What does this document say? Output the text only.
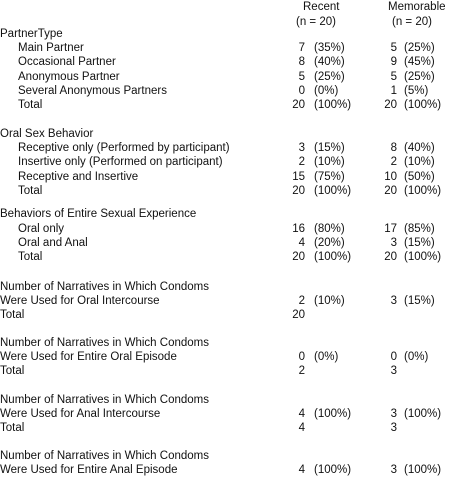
Recent	Memorable
(n = 20)	(n = 20)
PartnerType
Main Partner	7 (35%)	5 (25%)
Occasional Partner	8 (40%)	9 (45%)
Anonymous Partner	5 (25%)	5 (25%)
Several Anonymous Partners	0 (0%)	1 (5%)
Total	20 (100%)	20 (100%)
Oral Sex Behavior
Receptive only (Performed by participant)	3 (15%)	8 (40%)
Insertive only (Performed on participant)	2 (10%)	2 (10%)
Receptive and Insertive	15 (75%)	10 (50%)
Total	20 (100%)	20 (100%)
Behaviors of Entire Sexual Experience
Oral only	16 (80%)	17 (85%)
Oral and Anal	4 (20%)	3 (15%)
Total	20 (100%)	20 (100%)
Number of Narratives in Which Condoms
Were Used for Oral Intercourse	2 (10%)	3 (15%)
Total	20
Number of Narratives in Which Condoms
Were Used for Entire Oral Episode	0 (0%)	0 (0%)
Total	2	3
Number of Narratives in Which Condoms
Were Used for Anal Intercourse	4 (100%)	3 (100%)
Total	4	3
Number of Narratives in Which Condoms
Were Used for Entire Anal Episode	4 (100%)	3 (100%)
